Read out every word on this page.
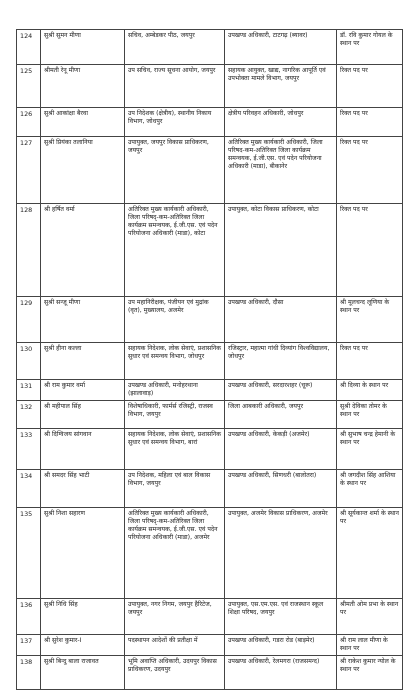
124	सुश्री सुमन मीणा	सचिव, अम्बेडकर पीठ, जयपुर	उपखण्ड अधिकारी, टाटगढ़ (ब्यावर)	डॉ. रवि कुमार गोयल के स्थान पर
125	श्रीमती रेनू मीणा	उप सचिव, राज्य सूचना आयोग, जयपुर	सहायक आयुक्त, खाद्य, नागरिक आपूर्ति एवं उपभोक्ता मामले विभाग, जयपुर	रिक्त पद पर
126	सुश्री आकांक्षा बैरवा	उप निदेशक (क्षेत्रीय), स्थानीय निकाय विभाग, जोधपुर	क्षेत्रीय परिवहन अधिकारी, जोधपुर	रिक्त पद पर
127	सुश्री प्रियंका तलानिया	उपायुक्त, जयपुर विकास प्राधिकरण, जयपुर	अतिरिक्त मुख्य कार्यकारी अधिकारी, जिला परिषद-कम-अतिरिक्त जिला कार्यक्रम समन्वयक, ई.जी.एस. एवं पदेन परियोजना अधिकारी (माडा), बीकानेर	रिक्त पद पर
128	श्री हर्षित वर्मा	अतिरिक्त मुख्य कार्यकारी अधिकारी, जिला परिषद्-कम-अतिरिक्त जिला कार्यक्रम समन्वयक, ई.जी.एस. एवं पदेन परियोजना अधिकारी (माडा), कोटा	उपायुक्त, कोटा विकास प्राधिकरण, कोटा	रिक्त पद पर
129	सुश्री सन्जू मीणा	उप महानिरीक्षक, पंजीयन एवं मुद्रांक (वृत), मुख्यालय, अजमेर	उपखण्ड अधिकारी, दौसा	श्री मूलचन्द लूणिया के स्थान पर
130	सुश्री हीना कल्ला	सहायक निदेशक, लोक सेवाएं, प्रशासनिक सुधार एवं समन्वय विभाग, जोधपुर	रजिस्ट्रार, महात्मा गांधी दिव्यांग विश्वविद्यालय, जोधपुर	रिक्त पद पर
131	श्री राम कुमार वर्मा	उपखण्ड अधिकारी, मनोहरथाना (झालावाड़)	उपखण्ड अधिकारी, सरदारशहर (चूरू)	श्री दिव्या के स्थान पर
132	श्री महीपाल सिंह	विशेषाधिकारी, फार्मर्स रजिस्ट्री, राजस्व विभाग, जयपुर	जिला आबकारी अधिकारी, जयपुर	सुश्री देविका तोमर के स्थान पर
133	श्री दिग्विजय सांगवान	सहायक निदेशक, लोक सेवाएं, प्रशासनिक सुधार एवं समन्वय विभाग, बारां	उपखण्ड अधिकारी, केकड़ी (अजमेर)	श्री सुभाष चन्द्र हेमानी के स्थान पर
134	श्री समदर सिंह भाटी	उप निदेशक, महिला एवं बाल विकास विभाग, जयपुर	उपखण्ड अधिकारी, सिणधरी (बालोतरा)	श्री जगदीश सिंह आशिया के स्थान पर
135	सुश्री निशा सहारण	अतिरिक्त मुख्य कार्यकारी अधिकारी, जिला परिषद्-कम-अतिरिक्त जिला कार्यक्रम समन्वयक, ई.जी.एस. एवं पदेन परियोजना अधिकारी (माडा), अजमेर	उपायुक्त, अजमेर विकास प्राधिकरण, अजमेर	श्री सूर्यकान्त शर्मा के स्थान पर
136	सुश्री निधि सिंह	उपायुक्त, नगर निगम, जयपुर हैरिटेज, जयपुर	उपायुक्त, एस.एम.एस. एवं राजस्थान स्कूल शिक्षा परिषद, जयपुर	श्रीमती ओम प्रभा के स्थान पर
137	श्री सुरेश कुमार-I	पदस्थापन आदेशों की प्रतीक्षा में	उपखण्ड अधिकारी, गडरा रोड (बाड़मेर)	श्री राम लाल मीणा के स्थान पर
138	सुश्री बिन्दु बाला राजावत	भूमि अवाप्ति अधिकारी, उदयपुर विकास प्राधिकरण, उदयपुर	उपखण्ड अधिकारी, रेलमगरा (राजसमन्द)	श्री राकेश कुमार न्योल के स्थान पर
